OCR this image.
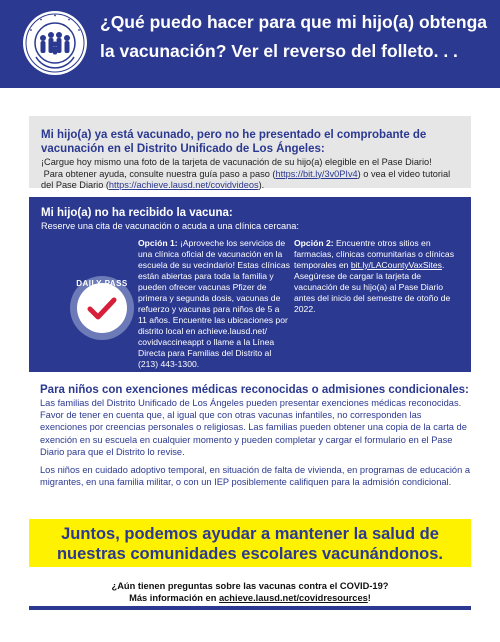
¿Qué puedo hacer para que mi hijo(a) obtenga la vacunación? Ver el reverso del folleto. . .
Mi hijo(a) ya está vacunado, pero no he presentado el comprobante de vacunación en el Distrito Unificado de Los Ángeles:
¡Cargue hoy mismo una foto de la tarjeta de vacunación de su hijo(a) elegible en el Pase Diario!
Para obtener ayuda, consulte nuestra guía paso a paso (https://bit.ly/3v0PIv4) o vea el video tutorial del Pase Diario (https://achieve.lausd.net/covidvideos).
Mi hijo(a) no ha recibido la vacuna:
Reserve una cita de vacunación o acuda a una clínica cercana:
DAILY PASS
Opción 1: ¡Aproveche los servicios de una clínica oficial de vacunación en la escuela de su vecindario! Estas clínicas están abiertas para toda la familia y pueden ofrecer vacunas Pfizer de primera y segunda dosis, vacunas de refuerzo y vacunas para niños de 5 a 11 años. Encuentre las ubicaciones por distrito local en achieve.lausd.net/ covidvaccineappt o llame a la Línea Directa para Familias del Distrito al (213) 443-1300.
Opción 2: Encuentre otros sitios en farmacias, clínicas comunitarias o clínicas temporales en bit.ly/LACountyVaxSites. Asegúrese de cargar la tarjeta de vacunación de su hijo(a) al Pase Diario antes del inicio del semestre de otoño de 2022.
Para niños con exenciones médicas reconocidas o admisiones condicionales:
Las familias del Distrito Unificado de Los Ángeles pueden presentar exenciones médicas reconocidas. Favor de tener en cuenta que, al igual que con otras vacunas infantiles, no corresponden las exenciones por creencias personales o religiosas. Las familias pueden obtener una copia de la carta de exención en su escuela en cualquier momento y pueden completar y cargar el formulario en el Pase Diario para que el Distrito lo revise.
Los niños en cuidado adoptivo temporal, en situación de falta de vivienda, en programas de educación a migrantes, en una familia militar, o con un IEP posiblemente califiquen para la admisión condicional.
Juntos, podemos ayudar a mantener la salud de nuestras comunidades escolares vacunándonos.
¿Aún tienen preguntas sobre las vacunas contra el COVID-19?
Más información en achieve.lausd.net/covidresources!
